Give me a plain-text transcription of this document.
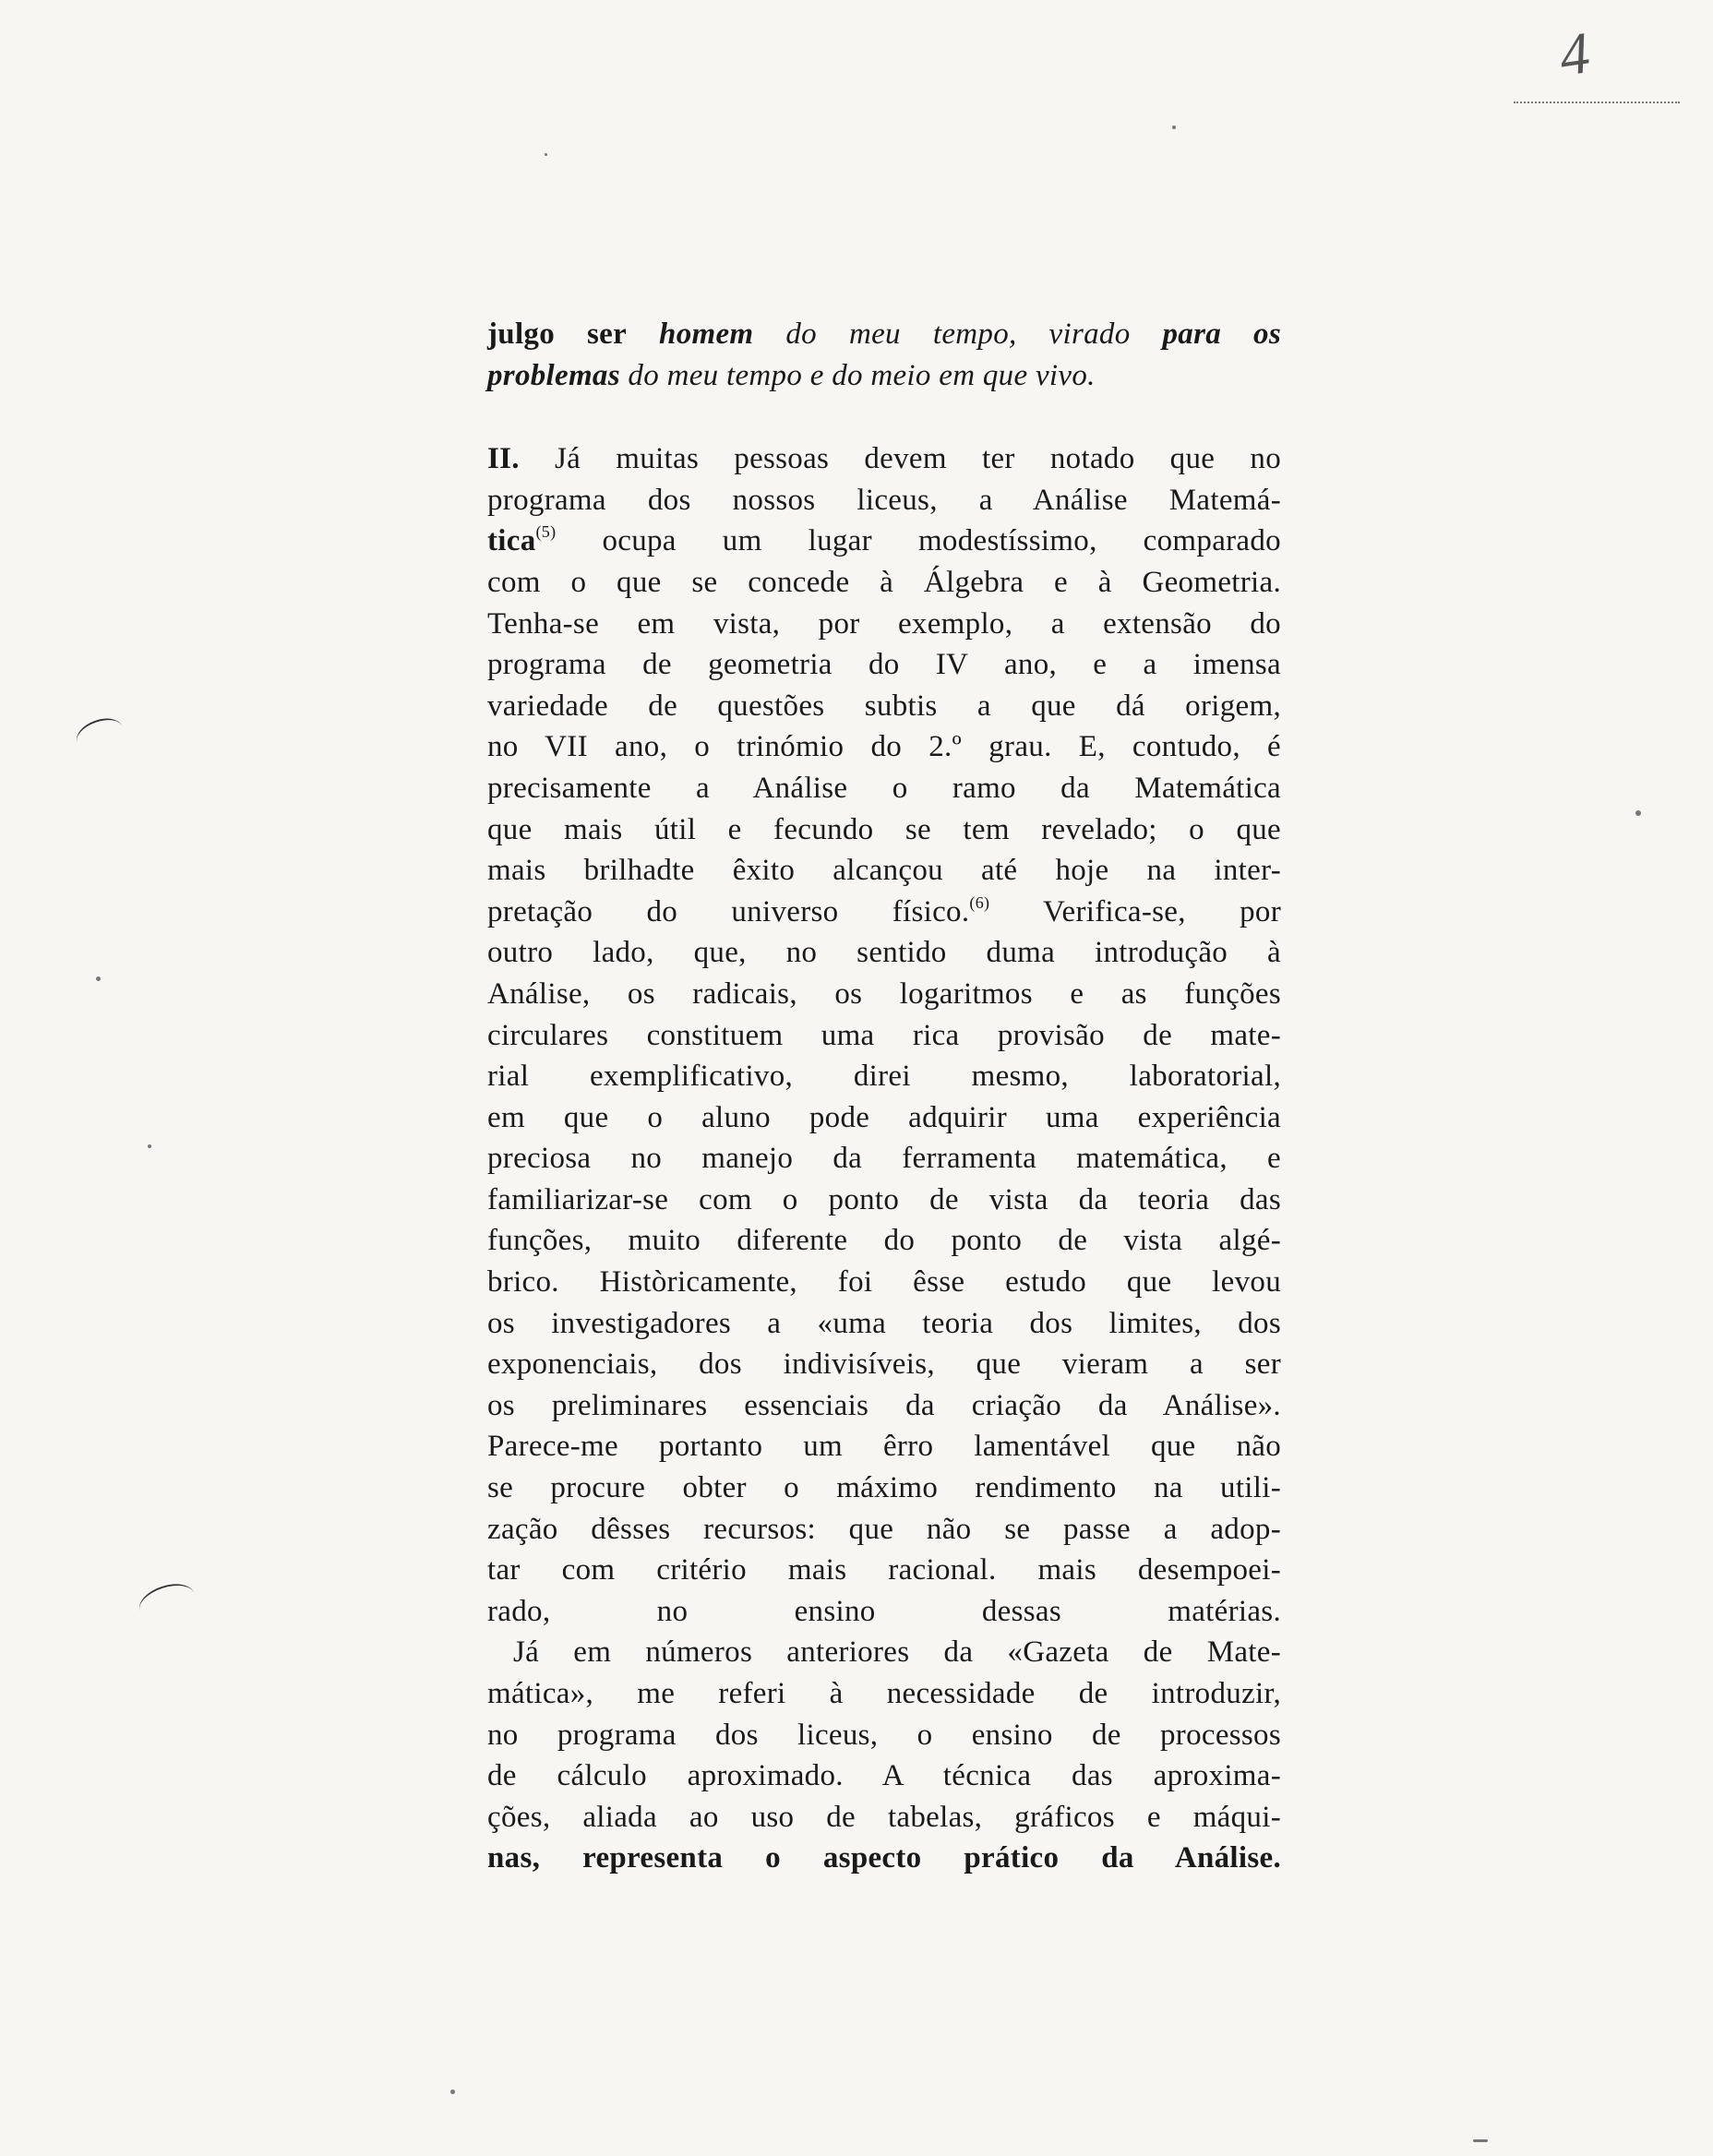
4
julgo ser homem do meu tempo, virado para os
problemas do meu tempo e do meio em que vivo.
II. Já muitas pessoas devem ter notado que no
programa dos nossos liceus, a Análise Matemá-
tica$^{(5)}$ ocupa um lugar modestíssimo, comparado
com o que se concede à Álgebra e à Geometria.
Tenha-se em vista, por exemplo, a extensão do
programa de geometria do IV ano, e a imensa
variedade de questões subtis a que dá origem,
no VII ano, o trinómio do 2.º grau. E, contudo, é
precisamente a Análise o ramo da Matemática
que mais útil e fecundo se tem revelado; o que
mais brilhadte êxito alcançou até hoje na inter-
pretação do universo físico.$^{(6)}$ Verifica-se, por
outro lado, que, no sentido duma introdução à
Análise, os radicais, os logaritmos e as funções
circulares constituem uma rica provisão de mate-
rial exemplificativo, direi mesmo, laboratorial,
em que o aluno pode adquirir uma experiência
preciosa no manejo da ferramenta matemática, e
familiarizar-se com o ponto de vista da teoria das
funções, muito diferente do ponto de vista algé-
brico. Històricamente, foi êsse estudo que levou
os investigadores a «uma teoria dos limites, dos
exponenciais, dos indivisíveis, que vieram a ser
os preliminares essenciais da criação da Análise».
Parece-me portanto um êrro lamentável que não
se procure obter o máximo rendimento na utili-
zação dêsses recursos: que não se passe a adop-
tar com critério mais racional. mais desempoei-
rado, no ensino dessas matérias.
Já em números anteriores da «Gazeta de Mate-
mática», me referi à necessidade de introduzir,
no programa dos liceus, o ensino de processos
de cálculo aproximado. A técnica das aproxima-
ções, aliada ao uso de tabelas, gráficos e máqui-
nas, representa o aspecto prático da Análise.
